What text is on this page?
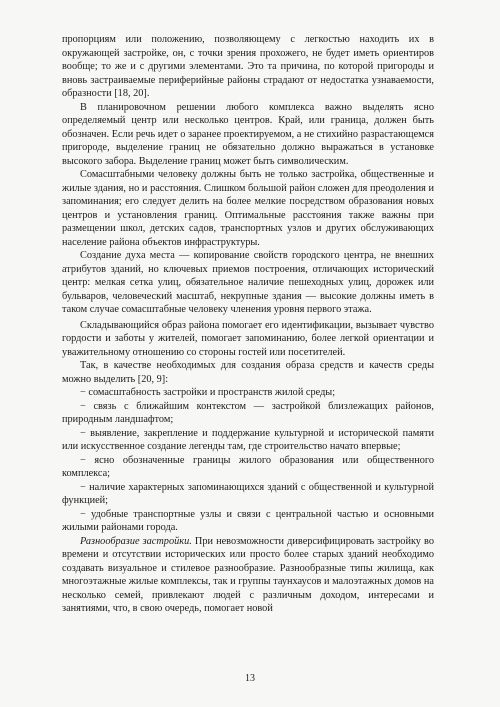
пропорциям или положению, позволяющему с легкостью находить их в окружающей застройке, он, с точки зрения прохожего, не будет иметь ориентиров вообще; то же и с другими элементами. Это та причина, по которой пригороды и вновь застраиваемые периферийные районы страдают от недостатка узнаваемости, образности [18, 20].

В планировочном решении любого комплекса важно выделять ясно определяемый центр или несколько центров. Край, или граница, должен быть обозначен. Если речь идет о заранее проектируемом, а не стихийно разрастающемся пригороде, выделение границ не обязательно должно выражаться в установке высокого забора. Выделение границ может быть символическим.

Сомасштабными человеку должны быть не только застройка, общественные и жилые здания, но и расстояния. Слишком большой район сложен для преодоления и запоминания; его следует делить на более мелкие посредством образования новых центров и установления границ. Оптимальные расстояния также важны при размещении школ, детских садов, транспортных узлов и других обслуживающих население района объектов инфраструктуры.

Создание духа места — копирование свойств городского центра, не внешних атрибутов зданий, но ключевых приемов построения, отличающих исторический центр: мелкая сетка улиц, обязательное наличие пешеходных улиц, дорожек или бульваров, человеческий масштаб, некрупные здания — высокие должны иметь в таком случае сомасштабные человеку членения уровня первого этажа.

Складывающийся образ района помогает его идентификации, вызывает чувство гордости и заботы у жителей, помогает запоминанию, более легкой ориентации и уважительному отношению со стороны гостей или посетителей.

Так, в качестве необходимых для создания образа средств и качеств среды можно выделить [20, 9]:

− сомасштабность застройки и пространств жилой среды;

− связь с ближайшим контекстом — застройкой близлежащих районов, природным ландшафтом;

− выявление, закрепление и поддержание культурной и исторической памяти или искусственное создание легенды там, где строительство начато впервые;

− ясно обозначенные границы жилого образования или общественного комплекса;

− наличие характерных запоминающихся зданий с общественной и культурной функцией;

− удобные транспортные узлы и связи с центральной частью и основными жилыми районами города.

Разнообразие застройки. При невозможности диверсифицировать застройку во времени и отсутствии исторических или просто более старых зданий необходимо создавать визуальное и стилевое разнообразие. Разнообразные типы жилища, как многоэтажные жилые комплексы, так и группы таунхаусов и малоэтажных домов на несколько семей, привлекают людей с различным доходом, интересами и занятиями, что, в свою очередь, помогает новой

13
